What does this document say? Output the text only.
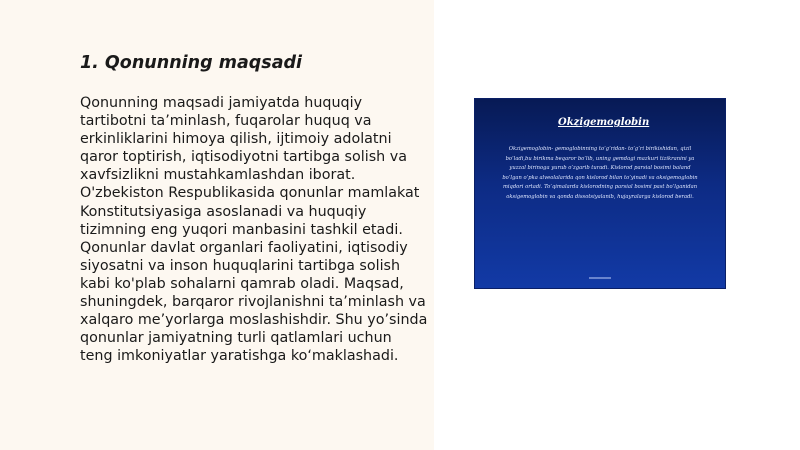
1. Qonunning maqsadi

Qonunning maqsadi jamiyatda huquqiy tartibotni ta’minlash, fuqarolar huquq va erkinliklarini himoya qilish, ijtimoiy adolatni qaror toptirish, iqtisodiyotni tartibga solish va xavfsizlikni mustahkamlashdan iborat. O'zbekiston Respublikasida qonunlar mamlakat Konstitutsiyasiga asoslanadi va huquqiy tizimning eng yuqori manbasini tashkil etadi. Qonunlar davlat organlari faoliyatini, iqtisodiy siyosatni va inson huquqlarini tartibga solish kabi ko'plab sohalarni qamrab oladi. Maqsad, shuningdek, barqaror rivojlanishni ta’minlash va xalqaro me’yorlarga moslashishdir. Shu yo’sinda qonunlar jamiyatning turli qatlamlari uchun teng imkoniyatlar yaratishga ko‘maklashadi.

Okzigemoglobin

Okzigemoglobin- gemoglobinning to’g’ridan- to’g’ri birikishidan, qizil bo’ladi,bu birikma beqaror bo’lib, uning gemdagi mazkuri tizikranini ya yuzzal birinoga yurub o’zgarib turadi. Kislorod parsial bosimi baland bo’lgan o’pka alveolalarida qon kislorod bilan to’yinadi va oksigemoglobin miqdori ortadi. To’qimalarda kislorodning parsial bosimi past bo’lganidan oksigemoglobin va qonda dissotsiyalanib, hujayralarga kislorod beradi.
